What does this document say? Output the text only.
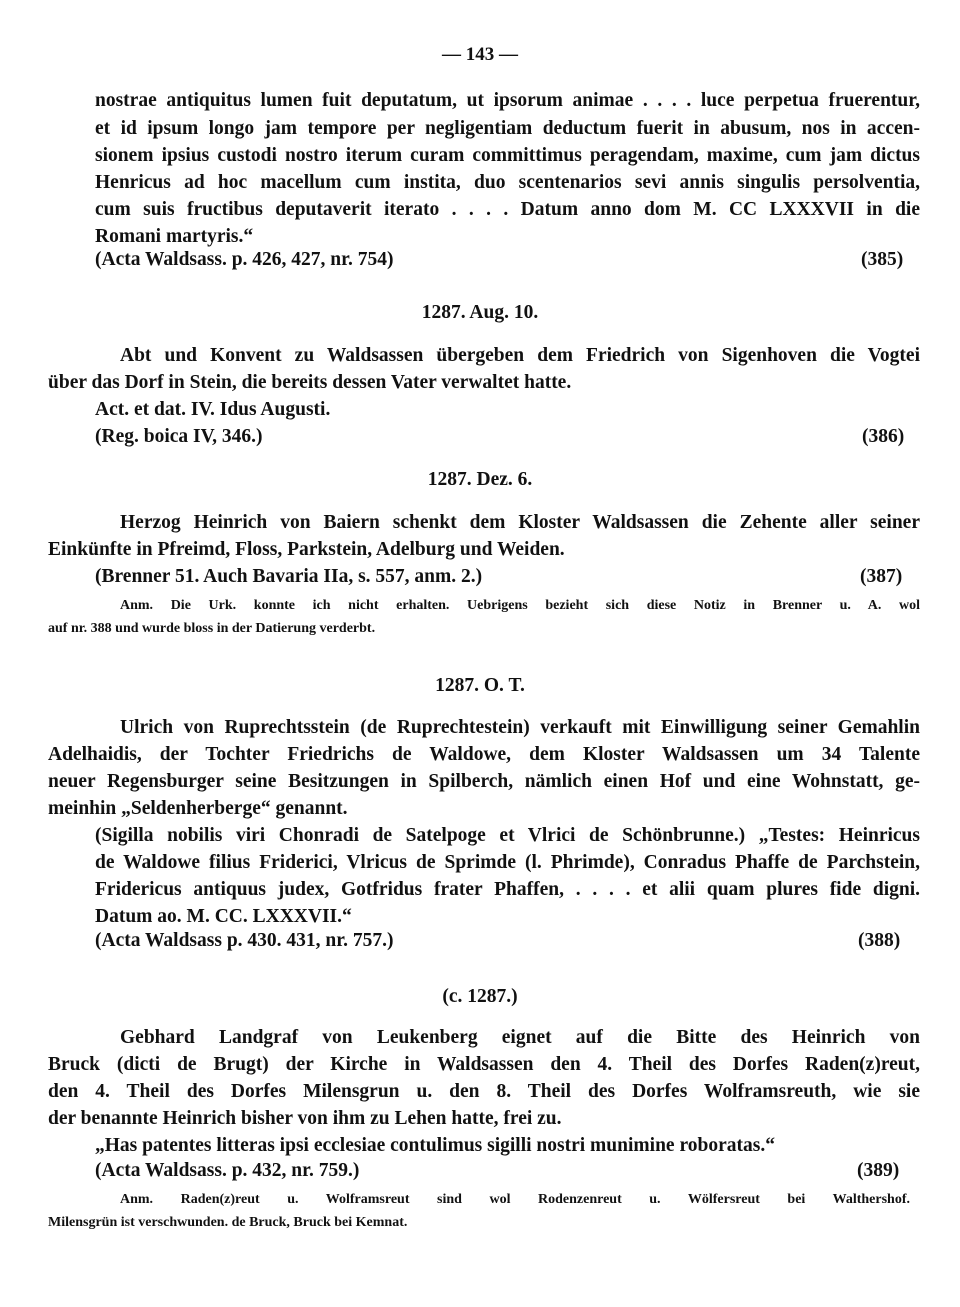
— 143 —
nostrae antiquitus lumen fuit deputatum, ut ipsorum animae . . . . luce perpetua fruerentur,
et id ipsum longo jam tempore per negligentiam deductum fuerit in abusum, nos in accen-
sionem ipsius custodi nostro iterum curam committimus peragendam, maxime, cum jam dictus
Henricus ad hoc macellum cum instita, duo scentenarios sevi annis singulis persolventia,
cum suis fructibus deputaverit iterato . . . . Datum anno dom M. CC LXXXVII in die
Romani martyris.“
(Acta Waldsass. p. 426, 427, nr. 754)	(385)
1287. Aug. 10.
Abt und Konvent zu Waldsassen übergeben dem Friedrich von Sigenhoven die Vogtei
über das Dorf in Stein, die bereits dessen Vater verwaltet hatte.
Act. et dat. IV. Idus Augusti.
(Reg. boica IV, 346.)	(386)
1287. Dez. 6.
Herzog Heinrich von Baiern schenkt dem Kloster Waldsassen die Zehente aller seiner
Einkünfte in Pfreimd, Floss, Parkstein, Adelburg und Weiden.
(Brenner 51. Auch Bavaria IIa, s. 557, anm. 2.)	(387)
Anm. Die Urk. konnte ich nicht erhalten. Uebrigens bezieht sich diese Notiz in Brenner u. A. wol
auf nr. 388 und wurde bloss in der Datierung verderbt.
1287. O. T.
Ulrich von Ruprechtsstein (de Ruprechtestein) verkauft mit Einwilligung seiner Gemahlin
Adelhaidis, der Tochter Friedrichs de Waldowe, dem Kloster Waldsassen um 34 Talente
neuer Regensburger seine Besitzungen in Spilberch, nämlich einen Hof und eine Wohnstatt, ge-
meinhin „Seldenherberge“ genannt.
(Sigilla nobilis viri Chonradi de Satelpoge et Vlrici de Schönbrunne.) „Testes: Heinricus
de Waldowe filius Friderici, Vlricus de Sprimde (l. Phrimde), Conradus Phaffe de Parchstein,
Fridericus antiquus judex, Gotfridus frater Phaffen, . . . . et alii quam plures fide digni.
Datum ao. M. CC. LXXXVII.“
(Acta Waldsass p. 430. 431, nr. 757.)	(388)
(c. 1287.)
Gebhard Landgraf von Leukenberg eignet auf die Bitte des Heinrich von
Bruck (dicti de Brugt) der Kirche in Waldsassen den 4. Theil des Dorfes Raden(z)reut,
den 4. Theil des Dorfes Milensgrun u. den 8. Theil des Dorfes Wolframsreuth, wie sie
der benannte Heinrich bisher von ihm zu Lehen hatte, frei zu.
„Has patentes litteras ipsi ecclesiae contulimus sigilli nostri munimine roboratas.“
(Acta Waldsass. p. 432, nr. 759.)	(389)
Anm. Raden(z)reut u. Wolframsreut sind wol Rodenzenreut u. Wölfersreut bei Walthershof.
Milensgrün ist verschwunden. de Bruck, Bruck bei Kemnat.
